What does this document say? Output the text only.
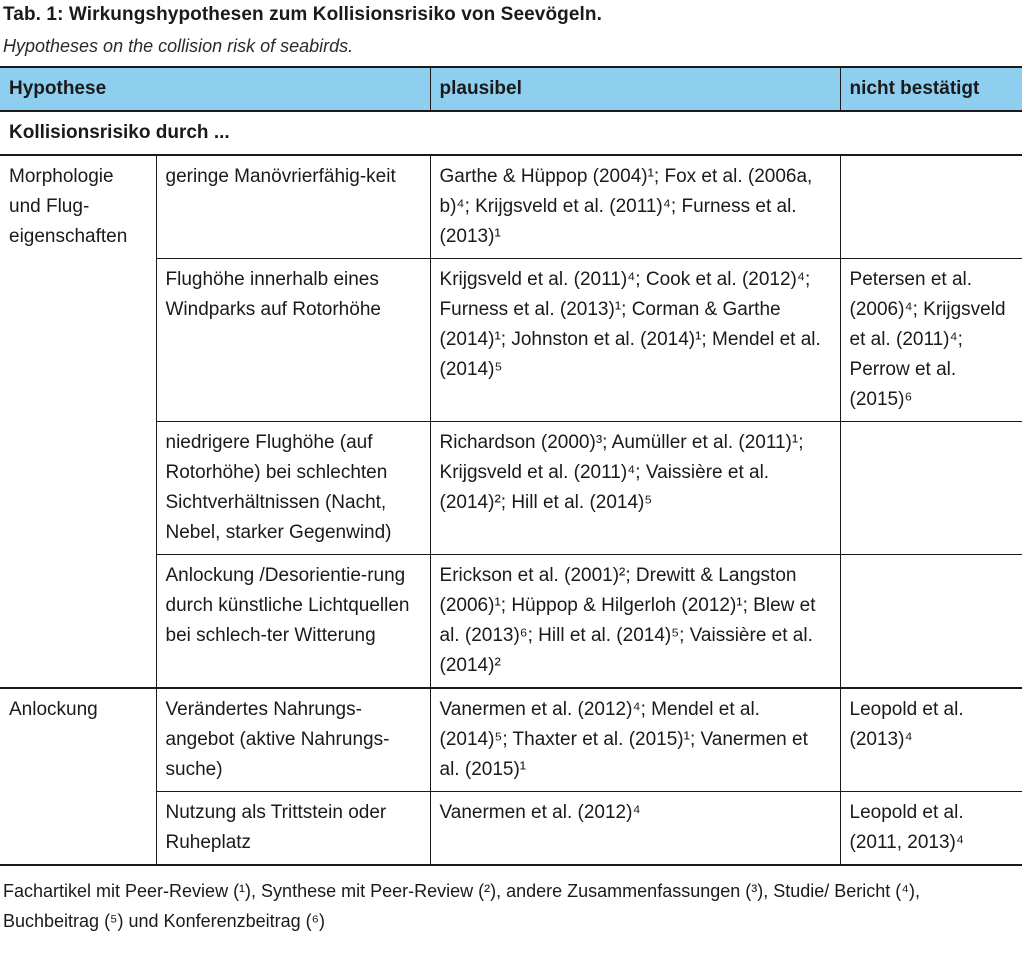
Tab. 1: Wirkungshypothesen zum Kollisionsrisiko von Seevögeln.
Hypotheses on the collision risk of seabirds.
Hypothese		plausibel	nicht bestätigt
Kollisionsrisiko durch ...			
Morphologie und Flug-eigenschaften	geringe Manövrierfähig-keit	Garthe & Hüppop (2004)¹; Fox et al. (2006a, b)⁴; Krijgsveld et al. (2011)⁴; Furness et al. (2013)¹	
	Flughöhe innerhalb eines Windparks auf Rotorhöhe	Krijgsveld et al. (2011)⁴; Cook et al. (2012)⁴; Furness et al. (2013)¹; Corman & Garthe (2014)¹; Johnston et al. (2014)¹; Mendel et al. (2014)⁵	Petersen et al. (2006)⁴; Krijgsveld et al. (2011)⁴; Perrow et al. (2015)⁶
	niedrigere Flughöhe (auf Rotorhöhe) bei schlechten Sichtverhältnissen (Nacht, Nebel, starker Gegenwind)	Richardson (2000)³; Aumüller et al. (2011)¹; Krijgsveld et al. (2011)⁴; Vaissière et al. (2014)²; Hill et al. (2014)⁵	
	Anlockung /Desorientie-rung durch künstliche Lichtquellen bei schlech-ter Witterung	Erickson et al. (2001)²; Drewitt & Langston (2006)¹; Hüppop & Hilgerloh (2012)¹; Blew et al. (2013)⁶; Hill et al. (2014)⁵; Vaissière et al. (2014)²	
Anlockung	Verändertes Nahrungs-angebot (aktive Nahrungs-suche)	Vanermen et al. (2012)⁴; Mendel et al. (2014)⁵; Thaxter et al. (2015)¹; Vanermen et al. (2015)¹	Leopold et al. (2013)⁴
	Nutzung als Trittstein oder Ruheplatz	Vanermen et al. (2012)⁴	Leopold et al. (2011, 2013)⁴
Fachartikel mit Peer-Review (¹), Synthese mit Peer-Review (²), andere Zusammenfassungen (³), Studie/ Bericht (⁴), Buchbeitrag (⁵) und Konferenzbeitrag (⁶)
